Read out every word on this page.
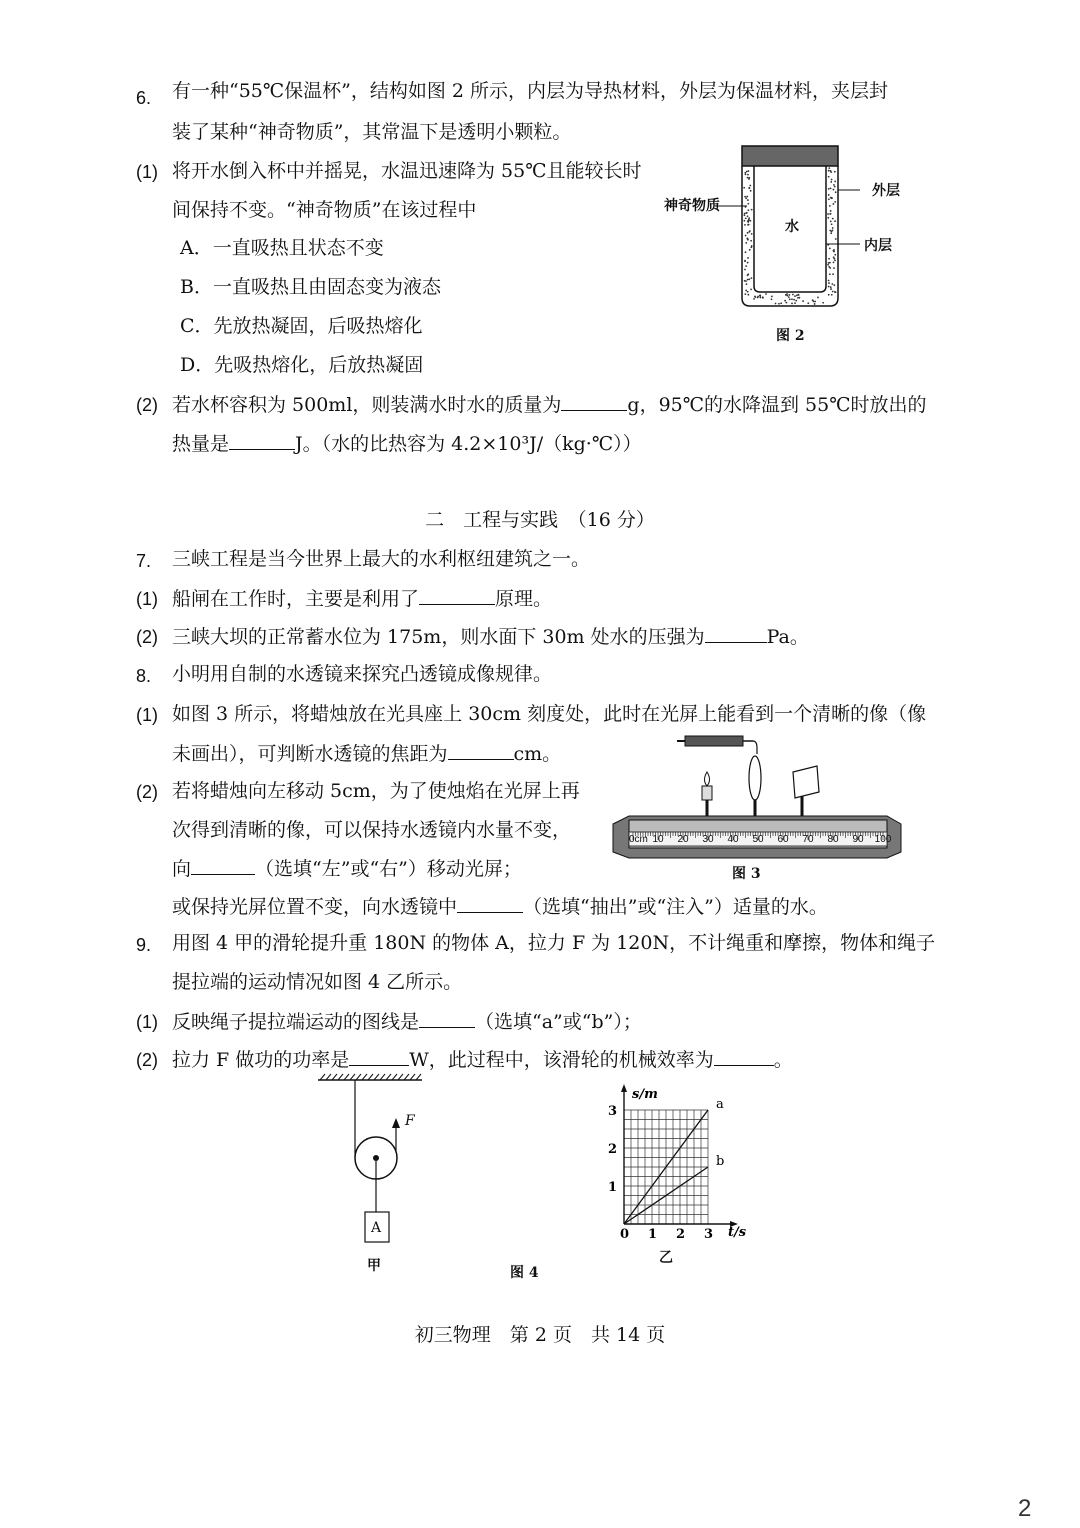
6. 有一种“55℃保温杯”，结构如图 2 所示，内层为导热材料，外层为保温材料，夹层封
装了某种“神奇物质”，其常温下是透明小颗粒。
(1) 将开水倒入杯中并摇晃，水温迅速降为 55℃且能较长时
间保持不变。“神奇物质”在该过程中
A．一直吸热且状态不变
B．一直吸热且由固态变为液态
C．先放热凝固，后吸热熔化
D．先吸热熔化，后放热凝固
神奇物质
水
外层
内层
图 2
(2) 若水杯容积为 500ml，则装满水时水的质量为	g，95℃的水降温到 55℃时放出的
热量是	J。（水的比热容为 4.2×10³J/（kg·℃））
二　工程与实践　（16 分）
7. 三峡工程是当今世界上最大的水利枢纽建筑之一。
(1) 船闸在工作时，主要是利用了	原理。
(2) 三峡大坝的正常蓄水位为 175m，则水面下 30m 处水的压强为	Pa。
8. 小明用自制的水透镜来探究凸透镜成像规律。
(1) 如图 3 所示，将蜡烛放在光具座上 30cm 刻度处，此时在光屏上能看到一个清晰的像（像
未画出），可判断水透镜的焦距为	cm。
(2) 若将蜡烛向左移动 5cm，为了使烛焰在光屏上再
次得到清晰的像，可以保持水透镜内水量不变，
向	（选填“左”或“右”）移动光屏；
或保持光屏位置不变，向水透镜中	（选填“抽出”或“注入”）适量的水。
0cm 10 20 30 40 50 60 70 80 90 100
图 3
9. 用图 4 甲的滑轮提升重 180N 的物体 A，拉力 F 为 120N，不计绳重和摩擦，物体和绳子
提拉端的运动情况如图 4 乙所示。
(1) 反映绳子提拉端运动的图线是	（选填“a”或“b”）；
(2) 拉力 F 做功的功率是	W，此过程中，该滑轮的机械效率为	。
F
A
甲	图 4
t/s
s/m
0 1 2 3
1
2
3	a
b
乙
初三物理　第 2 页　共 14 页
2
